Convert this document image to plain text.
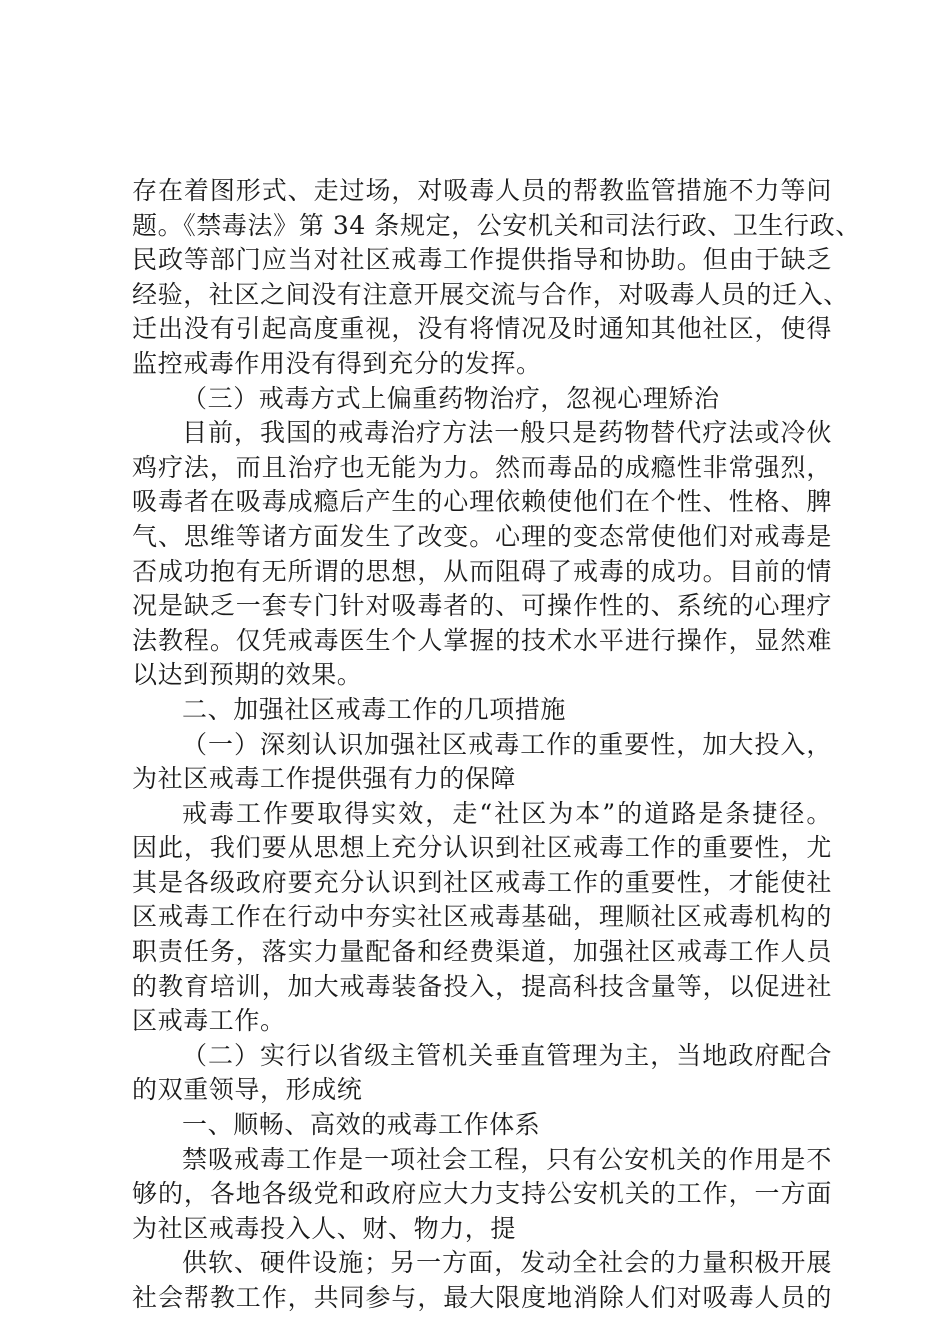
存在着图形式、走过场，对吸毒人员的帮教监管措施不力等问
题。《禁毒法》第 34 条规定，公安机关和司法行政、卫生行政、
民政等部门应当对社区戒毒工作提供指导和协助。但由于缺乏
经验，社区之间没有注意开展交流与合作，对吸毒人员的迁入、
迁出没有引起高度重视，没有将情况及时通知其他社区，使得
监控戒毒作用没有得到充分的发挥。
（三）戒毒方式上偏重药物治疗，忽视心理矫治
目前，我国的戒毒治疗方法一般只是药物替代疗法或冷伙
鸡疗法，而且治疗也无能为力。然而毒品的成瘾性非常强烈，
吸毒者在吸毒成瘾后产生的心理依赖使他们在个性、性格、脾
气、思维等诸方面发生了改变。心理的变态常使他们对戒毒是
否成功抱有无所谓的思想，从而阻碍了戒毒的成功。目前的情
况是缺乏一套专门针对吸毒者的、可操作性的、系统的心理疗
法教程。仅凭戒毒医生个人掌握的技术水平进行操作，显然难
以达到预期的效果。
二、加强社区戒毒工作的几项措施
（一）深刻认识加强社区戒毒工作的重要性，加大投入，
为社区戒毒工作提供强有力的保障
戒毒工作要取得实效，走“社区为本”的道路是条捷径。
因此，我们要从思想上充分认识到社区戒毒工作的重要性，尤
其是各级政府要充分认识到社区戒毒工作的重要性，才能使社
区戒毒工作在行动中夯实社区戒毒基础，理顺社区戒毒机构的
职责任务，落实力量配备和经费渠道，加强社区戒毒工作人员
的教育培训，加大戒毒装备投入，提高科技含量等，以促进社
区戒毒工作。
（二）实行以省级主管机关垂直管理为主，当地政府配合
的双重领导，形成统
一、顺畅、高效的戒毒工作体系
禁吸戒毒工作是一项社会工程，只有公安机关的作用是不
够的，各地各级党和政府应大力支持公安机关的工作，一方面
为社区戒毒投入人、财、物力，提
供软、硬件设施；另一方面，发动全社会的力量积极开展
社会帮教工作，共同参与，最大限度地消除人们对吸毒人员的
